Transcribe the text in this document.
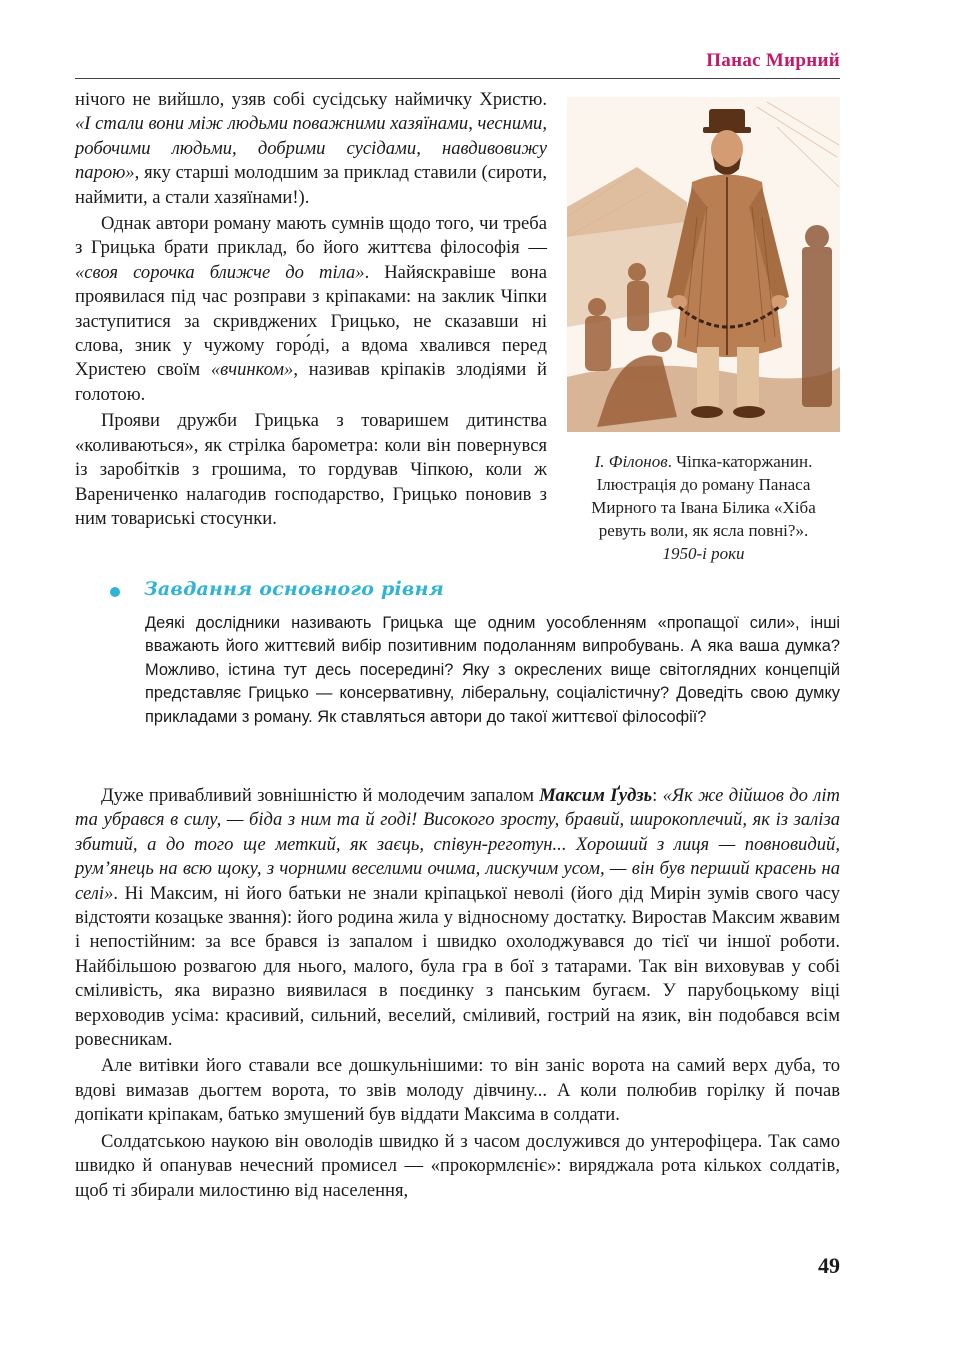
Панас Мирний

нічого не вийшло, узяв собі сусідську наймичку Христю. «І стали вони між людьми поважними хазяїнами, чесними, робочими людьми, добрими сусідами, навдивовижу парою», яку старші молодшим за приклад ставили (сироти, наймити, а стали хазяїнами!).

Однак автори роману мають сумнів щодо того, чи треба з Грицька брати приклад, бо його життєва філософія — «своя сорочка ближче до тіла». Найяскравіше вона проявилася під час розправи з кріпаками: на заклик Чіпки заступитися за скривджених Грицько, не сказавши ні слова, зник у чужому горо́ді, а вдома хвалився перед Христею своїм «вчинком», називав кріпаків злодіями й голотою.

Прояви дружби Грицька з товаришем дитинства «коливаються», як стрілка барометра: коли він повернувся із заробітків з грошима, то гордував Чіпкою, коли ж Варениченко налагодив господарство, Грицько поновив з ним товариські стосунки.

І. Філонов. Чіпка-каторжанин. Ілюстрація до роману Панаса Мирного та Івана Білика «Хіба ревуть воли, як ясла повні?».
1950-і роки
Завдання основного рівня
Деякі дослідники називають Грицька ще одним уособленням «пропащої сили», інші вважають його життєвий вибір позитивним подоланням випробувань. А яка ваша думка? Можливо, істина тут десь посередині? Яку з окреслених вище світоглядних концепцій представляє Грицько — консервативну, ліберальну, соціалістичну? Доведіть свою думку прикладами з роману. Як ставляться автори до такої життєвої філософії?

Дуже привабливий зовнішністю й молодечим запалом Максим Ґудзь: «Як же дійшов до літ та убрався в силу, — біда з ним та й годі! Високого зросту, бравий, широкоплечий, як із заліза збитий, а до того ще меткий, як заєць, співун-реготун... Хороший з лиця — повновидий, рум’янець на всю щоку, з чорними веселими очима, лискучим усом, — він був перший красень на селі». Ні Максим, ні його батьки не знали кріпацької неволі (його дід Мирін зумів свого часу відстояти козацьке звання): його родина жила у відносному достатку. Виростав Максим жвавим і непостійним: за все брався із запалом і швидко охолоджувався до тієї чи іншої роботи. Найбільшою розвагою для нього, малого, була гра в бої з татарами. Так він виховував у собі сміливість, яка виразно виявилася в поєдинку з панським бугаєм. У парубоцькому віці верховодив усіма: красивий, сильний, веселий, сміливий, гострий на язик, він подобався всім ровесникам.

Але витівки його ставали все дошкульнішими: то він заніс ворота на самий верх дуба, то вдові вимазав дьогтем ворота, то звів молоду дівчину... А коли полюбив горілку й почав допікати кріпакам, батько змушений був віддати Максима в солдати.

Солдатською наукою він оволодів швидко й з часом дослужився до унтерофіцера. Так само швидко й опанував нечесний промисел — «прокормлєніє»: виряджала рота кількох солдатів, щоб ті збирали милостиню від населення,

49
